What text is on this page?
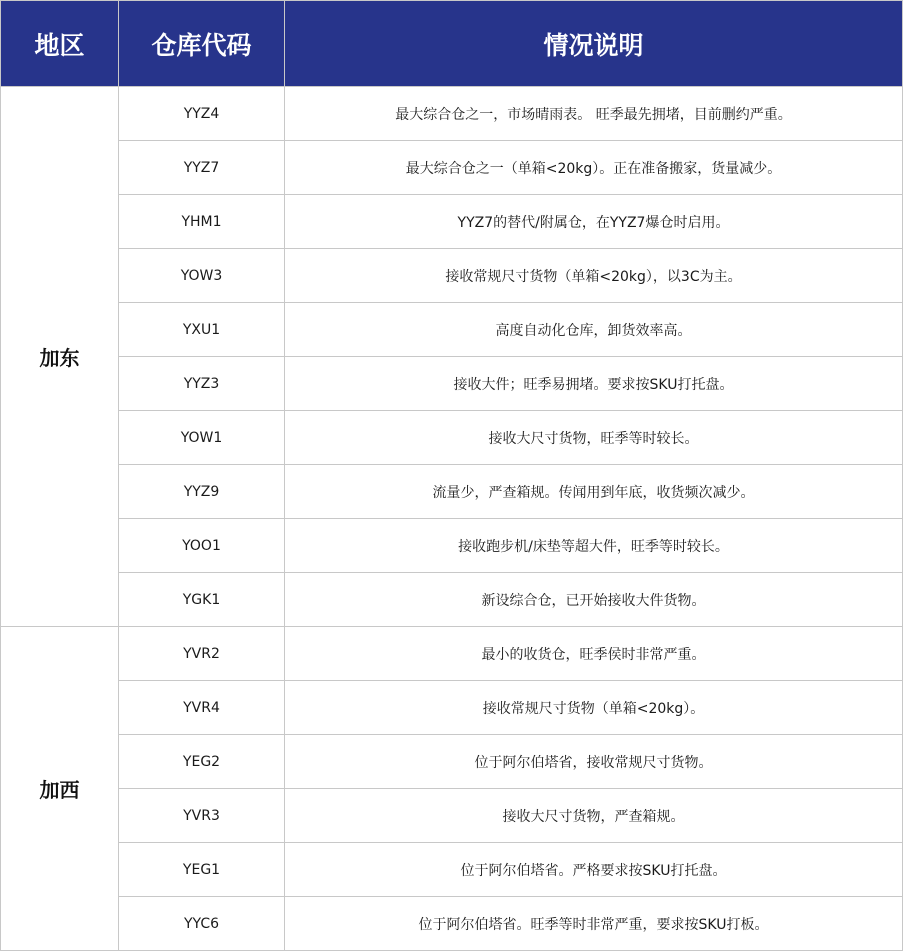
地区	仓库代码	情况说明
加东	YYZ4	最大综合仓之一，市场晴雨表。 旺季最先拥堵，目前删约严重。
	YYZ7	最大综合仓之一（单箱<20kg）。正在准备搬家，货量减少。
	YHM1	YYZ7的替代/附属仓，在YYZ7爆仓时启用。
	YOW3	接收常规尺寸货物（单箱<20kg），以3C为主。
	YXU1	高度自动化仓库，卸货效率高。
	YYZ3	接收大件；旺季易拥堵。要求按SKU打托盘。
	YOW1	接收大尺寸货物，旺季等时较长。
	YYZ9	流量少，严查箱规。传闻用到年底，收货频次减少。
	YOO1	接收跑步机/床垫等超大件，旺季等时较长。
	YGK1	新设综合仓，已开始接收大件货物。
加西	YVR2	最小的收货仓，旺季侯时非常严重。
	YVR4	接收常规尺寸货物（单箱<20kg）。
	YEG2	位于阿尔伯塔省，接收常规尺寸货物。
	YVR3	接收大尺寸货物，严查箱规。
	YEG1	位于阿尔伯塔省。严格要求按SKU打托盘。
	YYC6	位于阿尔伯塔省。旺季等时非常严重，要求按SKU打板。
